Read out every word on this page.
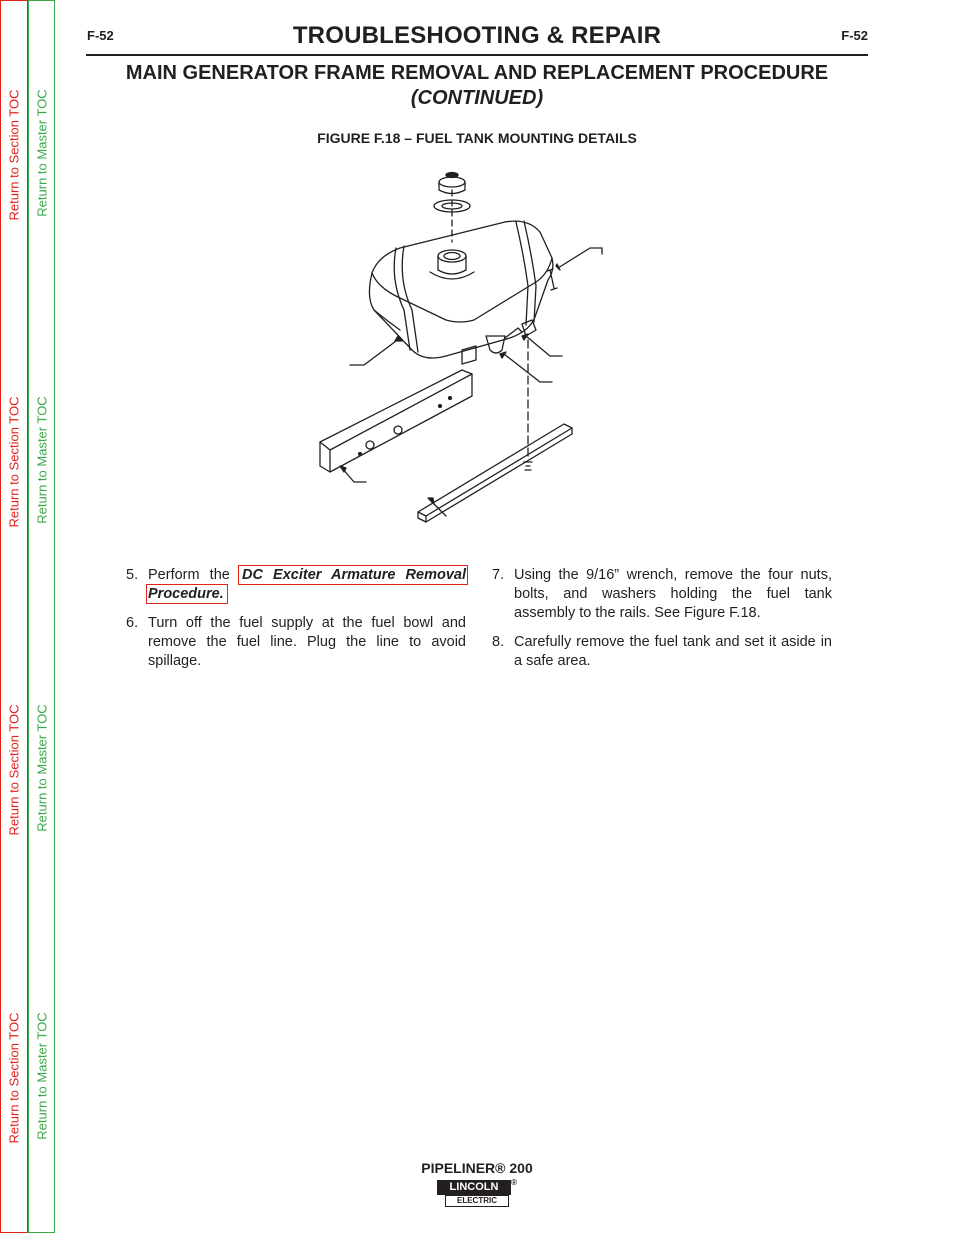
Return to Section TOC
Return to Section TOC
Return to Section TOC
Return to Section TOC
Return to Master TOC
Return to Master TOC
Return to Master TOC
Return to Master TOC
F-52	F-52
TROUBLESHOOTING & REPAIR
MAIN GENERATOR FRAME REMOVAL AND REPLACEMENT PROCEDURE
(CONTINUED)
FIGURE F.18 – FUEL TANK MOUNTING DETAILS
5. Perform the DC Exciter Armature Removal Procedure.
6. Turn off the fuel supply at the fuel bowl and remove the fuel line. Plug the line to avoid spillage.
7. Using the 9/16” wrench, remove the four nuts, bolts, and washers holding the fuel tank assembly to the rails. See Figure F.18.
8. Carefully remove the fuel tank and set it aside in a safe area.
PIPELINER® 200
LINCOLN	®
ELECTRIC
